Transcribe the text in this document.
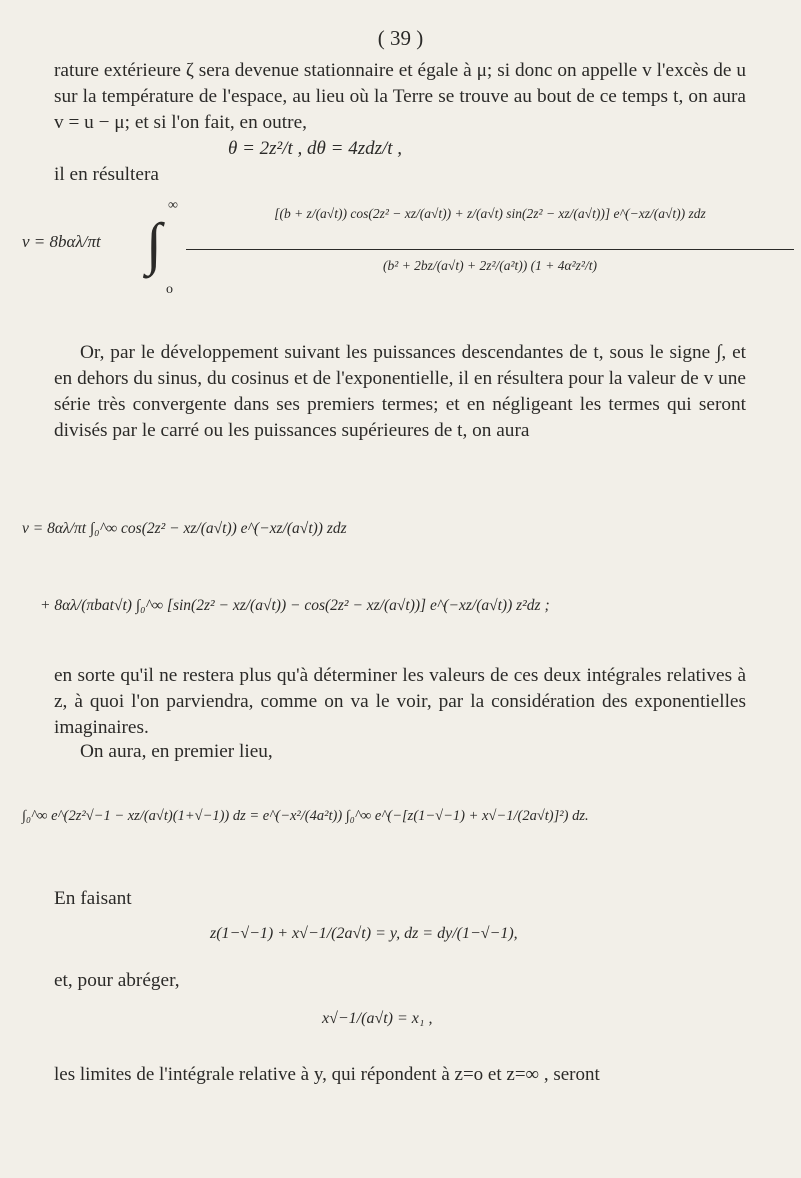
( 39 )

rature extérieure ζ sera devenue stationnaire et égale à μ; si donc on appelle v l'excès de u sur la température de l'espace, au lieu où la Terre se trouve au bout de ce temps t, on aura v = u − μ; et si l'on fait, en outre,

θ = 2z²/t , dθ = 4zdz/t ,
il en résultera
v = 8bαλ/πt ∫
∞
o
[(b + z/(a√t)) cos(2z² − xz/(a√t)) + z/(a√t) sin(2z² − xz/(a√t))] e^(−xz/(a√t)) zdz
(b² + 2bz/(a√t) + 2z²/(a²t)) (1 + 4α²z²/t)

Or, par le développement suivant les puissances descendantes de t, sous le signe ∫, et en dehors du sinus, du cosinus et de l'exponentielle, il en résultera pour la valeur de v une série très convergente dans ses premiers termes; et en négligeant les termes qui seront divisés par le carré ou les puissances supérieures de t, on aura

v = 8αλ/πt ∫₀^∞ cos(2z² − xz/(a√t)) e^(−xz/(a√t)) zdz
+ 8αλ/(πbat√t) ∫₀^∞ [sin(2z² − xz/(a√t)) − cos(2z² − xz/(a√t))] e^(−xz/(a√t)) z²dz ;

en sorte qu'il ne restera plus qu'à déterminer les valeurs de ces deux intégrales relatives à z, à quoi l'on parviendra, comme on va le voir, par la considération des exponentielles imaginaires.

On aura, en premier lieu,
∫₀^∞ e^(2z²√−1 − xz/(a√t)(1+√−1)) dz = e^(−x²/(4a²t)) ∫₀^∞ e^(−[z(1−√−1) + x√−1/(2a√t)]²) dz.
En faisant
z(1−√−1) + x√−1/(2a√t) = y, dz = dy/(1−√−1),
et, pour abréger,
x√−1/(a√t) = x₁ ,
les limites de l'intégrale relative à y, qui répondent à z=o et z=∞ , seront
